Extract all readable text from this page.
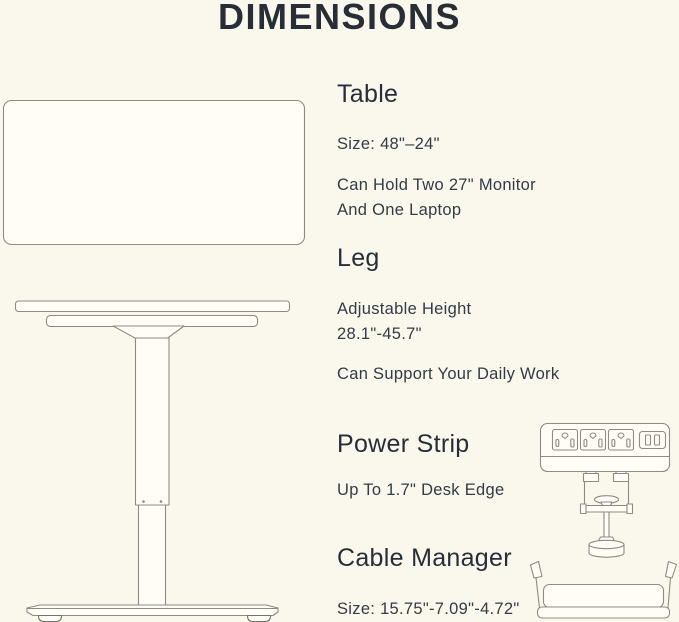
DIMENSIONS
Table
Size: 48"–24"
Can Hold Two 27" Monitor
And One Laptop
Leg
Adjustable Height
28.1"-45.7"
Can Support Your Daily Work
Power Strip
Up To 1.7" Desk Edge
Cable Manager
Size: 15.75"-7.09"-4.72"
